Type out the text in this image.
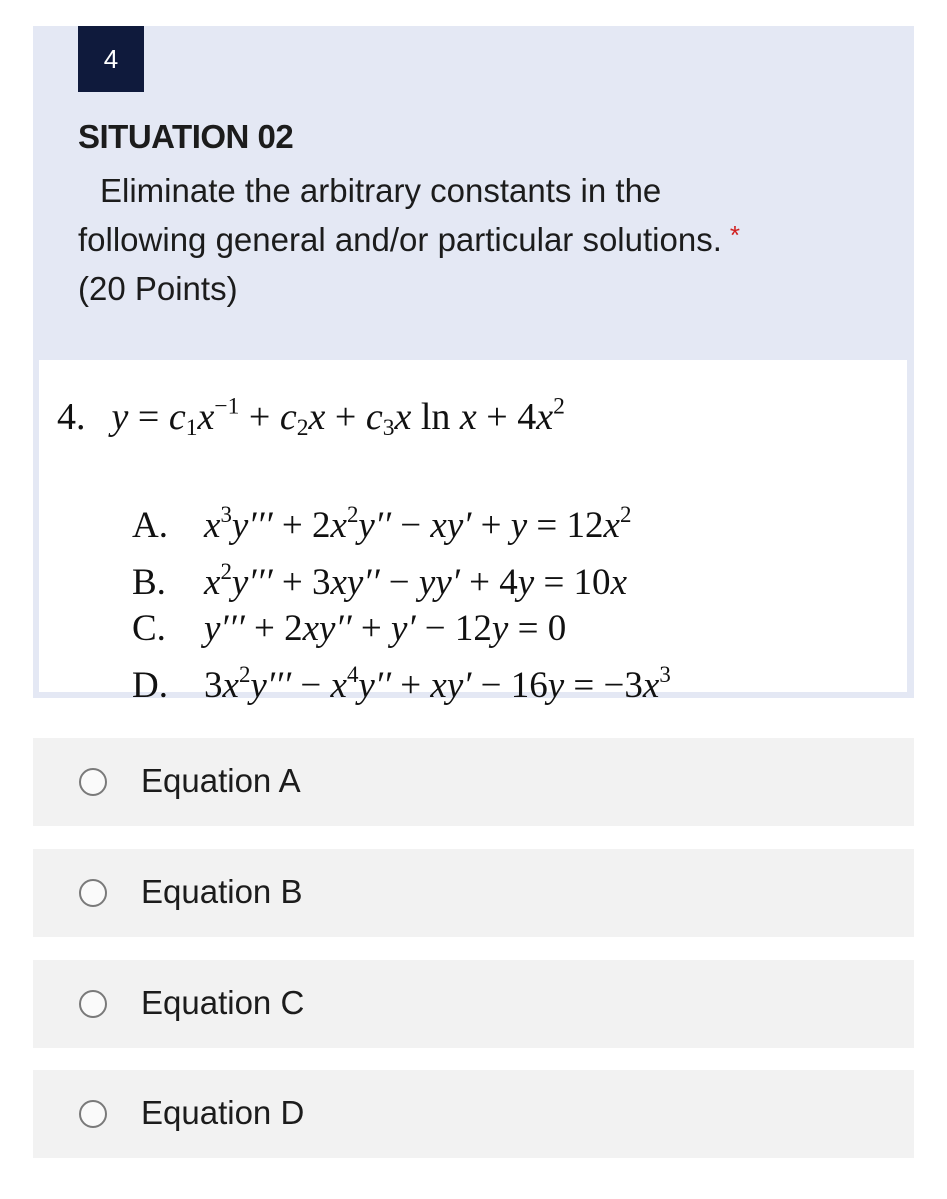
4
SITUATION 02
Eliminate the arbitrary constants in the
following general and/or particular solutions. *
(20 Points)
4. $y = c_1x^{-1} + c_2x + c_3x$ $\ln x + 4x^2$
A. $x^3y''' + 2x^2y'' - xy' + y = 12x^2$
B. $x^2y''' + 3xy'' - yy' + 4y = 10x$
C. y′′′ + 2xy′′ + y′ − 12y = 0
D. $3x^2y''' - x^4y'' + xy' - 16y = -3x^3$
Equation A
Equation B
Equation C
Equation D
